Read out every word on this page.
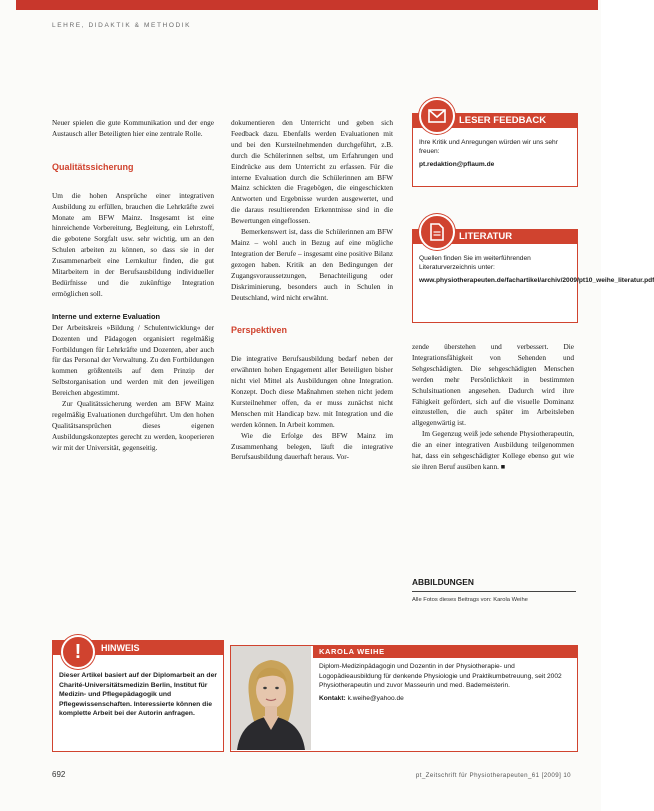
LEHRE, DIDAKTIK & METHODIK

Neuer spielen die gute Kommunikation und der enge Austausch aller Beteiligten hier eine zentrale Rolle.

Qualitätssicherung

Um die hohen Ansprüche einer integrativen Ausbildung zu erfüllen, brauchen die Lehrkräfte zwei Monate am BFW Mainz. Insgesamt ist eine hinreichende Vorbereitung, Begleitung, ein Lehrstoff, die gebotene Sorgfalt usw. sehr wichtig, um an den Schulen arbeiten zu können, so dass sie in der Zusammenarbeit eine Lernkultur finden, die gut Mitarbeitern in der Berufsausbildung individueller Bedürfnisse und die zukünftige Integration ermöglichen soll.

Interne und externe Evaluation

Der Arbeitskreis »Bildung / Schulentwicklung« der Dozenten und Pädagogen organisiert regelmäßig Fortbildungen für Lehrkräfte und Dozenten, aber auch für das Personal der Verwaltung. Zu den Fortbildungen kommen größtenteils auf dem Prinzip der Selbstorganisation und werden mit den jeweiligen Bereichen abgestimmt.

Zur Qualitätssicherung werden am BFW Mainz regelmäßig Evaluationen durchgeführt. Um den hohen Qualitätsansprüchen dieses eigenen Ausbildungskonzeptes gerecht zu werden, kooperieren wir mit der Universität, gegenseitig.

dokumentieren den Unterricht und geben sich Feedback dazu. Ebenfalls werden Evaluationen mit und bei den Kursteilnehmenden durchgeführt, z.B. durch die Schülerinnen selbst, um Erfahrungen und Eindrücke aus dem Unterricht zu erfassen. Für die interne Evaluation durch die Schülerinnen am BFW Mainz schickten die Fragebögen, die eingeschickten Antworten und Ergebnisse wurden ausgewertet, und die daraus resultierenden Erkenntnisse sind in die Bewertungen eingeflossen.

Bemerkenswert ist, dass die Schülerinnen am BFW Mainz – wohl auch in Bezug auf eine mögliche Integration der Berufe – insgesamt eine positive Bilanz gezogen haben. Kritik an den Bedingungen der Zugangsvoraussetzungen, Benachteiligung oder Diskriminierung, besonders auch in Schulen in Deutschland, wird nicht erwähnt.

Perspektiven

Die integrative Berufsausbildung bedarf neben der erwähnten hohen Engagement aller Beteiligten bisher nicht viel Mittel als Ausbildungen ohne Integration. Konzept. Doch diese Maßnahmen stehen nicht jedem Kursteilnehmer offen, da er muss zunächst nicht Menschen mit Handicap bzw. mit Integration und die werden können. In Arbeit kommen.

Wie die Erfolge des BFW Mainz im Zusammenhang belegen, läuft die integrative Berufsausbildung dauerhaft heraus. Vor-

LESER FEEDBACK
Ihre Kritik und Anregungen würden wir uns sehr freuen:
pt.redaktion@pflaum.de
LITERATUR
Quellen finden Sie im weiterführenden Literaturverzeichnis unter:
www.physiotherapeuten.de/fachartikel/archiv/2009/pt10_weihe_literatur.pdf

zende überstehen und verbessert. Die Integrationsfähigkeit von Sehenden und Sehgeschädigten. Die sehgeschädigten Menschen werden mehr Persönlichkeit in bestimmten Schulsituationen angesehen. Dadurch wird ihre Fähigkeit gefördert, sich auf die visuelle Dominanz einzustellen, die auch später im Arbeitsleben allgegenwärtig ist.

Im Gegenzug weiß jede sehende Physiotherapeutin, die an einer integrativen Ausbildung teilgenommen hat, dass ein sehgeschädigter Kollege ebenso gut wie sie ihren Beruf ausüben kann. ■

ABBILDUNGEN
Alle Fotos dieses Beitrags von: Karola Weihe
HINWEIS
!
Dieser Artikel basiert auf der Diplomarbeit an der Charité-Universitätsmedizin Berlin, Institut für Medizin- und Pflegepädagogik und Pflegewissenschaften. Interessierte können die komplette Arbeit bei der Autorin anfragen.
KAROLA WEIHE
Diplom-Medizinpädagogin und Dozentin in der Physiotherapie- und Logopädieausbildung für denkende Physiologie und Praktikumbetreuung, seit 2002 Physiotherapeutin und zuvor Masseurin und med. Bademeisterin.
Kontakt: k.weihe@yahoo.de
692	pt_Zeitschrift für Physiotherapeuten_61 [2009] 10
